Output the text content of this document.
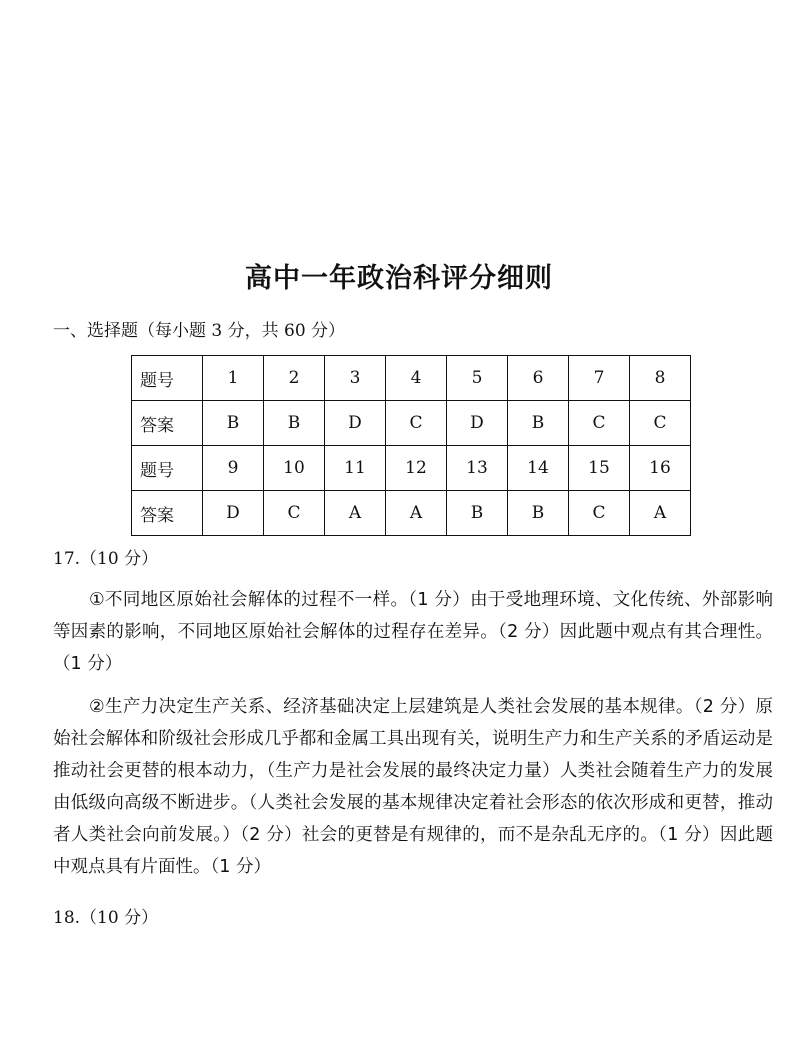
高中一年政治科评分细则
一、选择题（每小题 3 分，共 60 分）
题号	1	2	3	4	5	6	7	8
答案	B	B	D	C	D	B	C	C
题号	9	10	11	12	13	14	15	16
答案	D	C	A	A	B	B	C	A
17.（10 分）
①不同地区原始社会解体的过程不一样。（1 分）由于受地理环境、文化传统、外部影响等因素的影响，不同地区原始社会解体的过程存在差异。（2 分）因此题中观点有其合理性。（1 分）
②生产力决定生产关系、经济基础决定上层建筑是人类社会发展的基本规律。（2 分）原始社会解体和阶级社会形成几乎都和金属工具出现有关，说明生产力和生产关系的矛盾运动是推动社会更替的根本动力，（生产力是社会发展的最终决定力量）人类社会随着生产力的发展由低级向高级不断进步。（人类社会发展的基本规律决定着社会形态的依次形成和更替，推动者人类社会向前发展。）（2 分）社会的更替是有规律的，而不是杂乱无序的。（1 分）因此题中观点具有片面性。（1 分）
18.（10 分）
